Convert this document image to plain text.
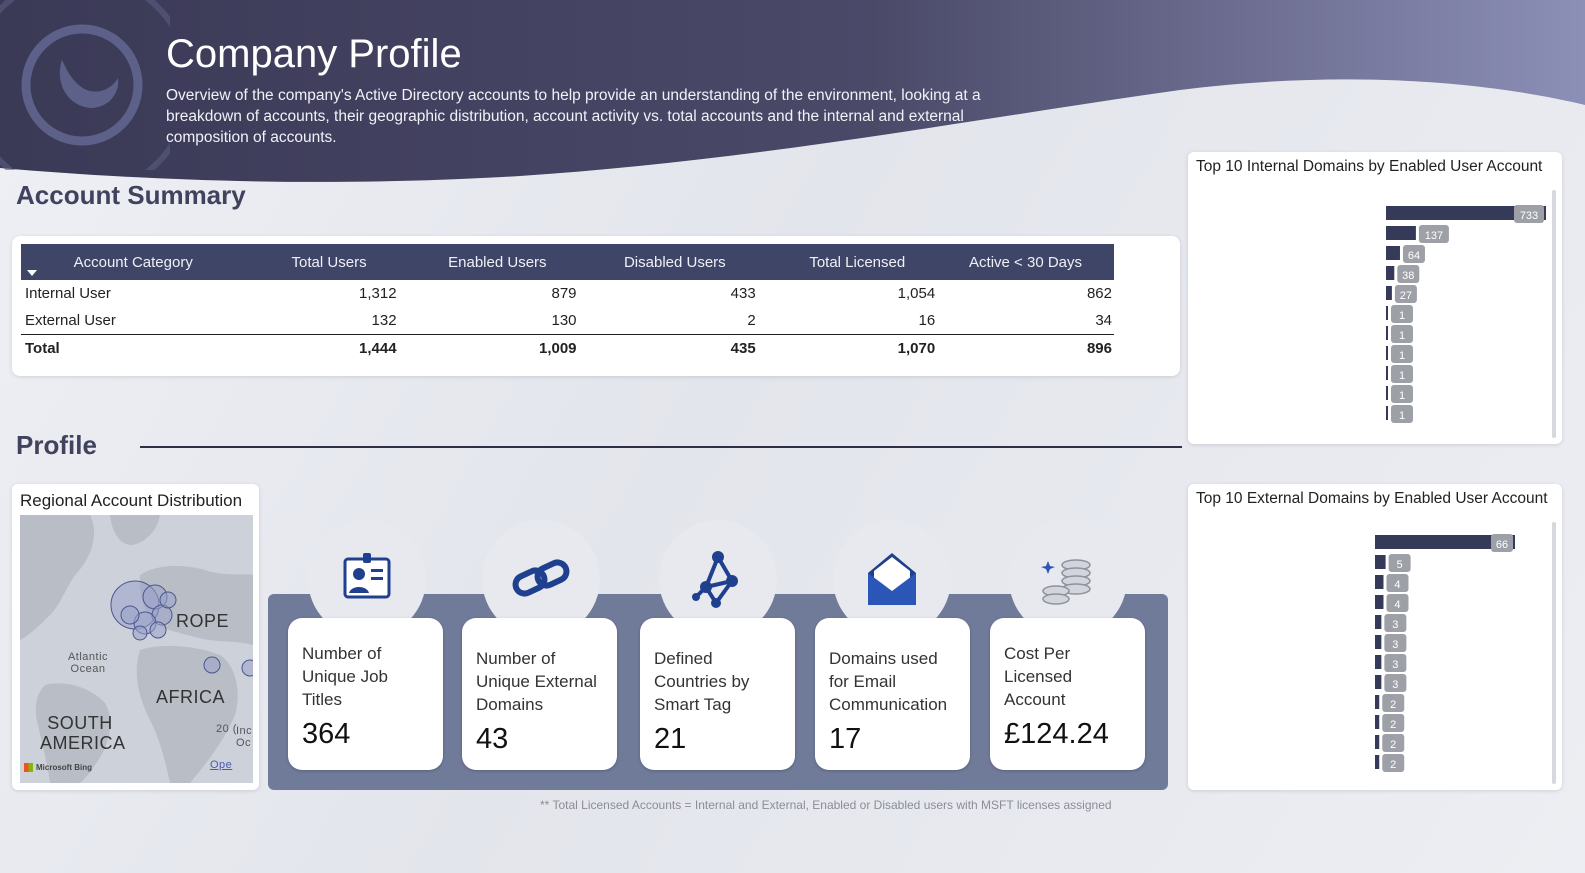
Company Profile
Overview of the company's Active Directory accounts to help provide an understanding of the environment, looking at a breakdown of accounts, their geographic distribution, account activity vs. total accounts and the internal and external composition of accounts.
Account Summary
Account Category	Total Users	Enabled Users	Disabled Users	Total Licensed	Active < 30 Days
Internal User	1,312	879	433	1,054	862
External User	132	130	2	16	34
Total	1,444	1,009	435	1,070	896
Profile
Regional Account Distribution
ROPE
Atlantic Ocean
AFRICA
SOUTH AMERICA
20 ( Inc Oc
Ope
Microsoft Bing
Number of Unique Job Titles
364
Number of Unique External Domains
43
Defined Countries by Smart Tag
21
Domains used for Email Communication
17
Cost Per Licensed Account
£124.24
** Total Licensed Accounts = Internal and External, Enabled or Disabled users with MSFT licenses assigned
733
137
64
38
27
1
1
1
1
1
1
Top 10 Internal Domains by Enabled User Account
66
5
4
4
3
3
3
3
2
2
2
2
Top 10 External Domains by Enabled User Account
